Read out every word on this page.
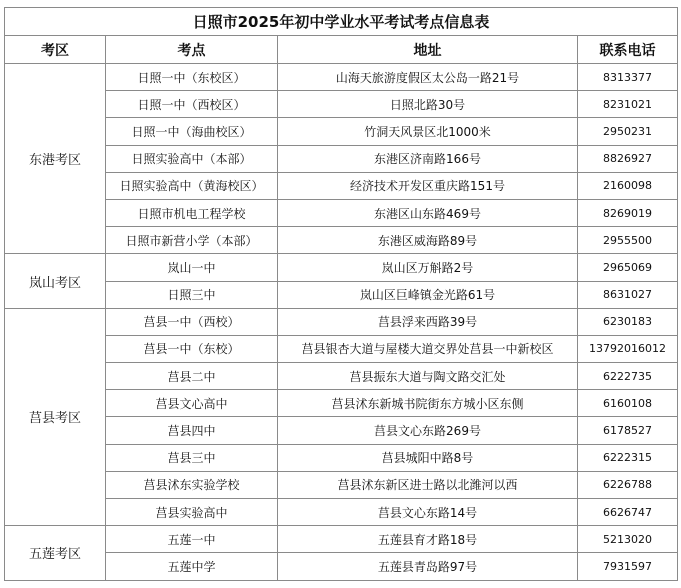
日照市2025年初中学业水平考试考点信息表			
考区	考点	地址	联系电话
东港考区	日照一中（东校区）	山海天旅游度假区太公岛一路21号	8313377
	日照一中（西校区）	日照北路30号	8231021
	日照一中（海曲校区）	竹洞天风景区北1000米	2950231
	日照实验高中（本部）	东港区济南路166号	8826927
	日照实验高中（黄海校区）	经济技术开发区重庆路151号	2160098
	日照市机电工程学校	东港区山东路469号	8269019
	日照市新营小学（本部）	东港区威海路89号	2955500
岚山考区	岚山一中	岚山区万斛路2号	2965069
	日照三中	岚山区巨峰镇金光路61号	8631027
莒县考区	莒县一中（西校）	莒县浮来西路39号	6230183
	莒县一中（东校）	莒县银杏大道与屋楼大道交界处莒县一中新校区	13792016012
	莒县二中	莒县振东大道与陶文路交汇处	6222735
	莒县文心高中	莒县沭东新城书院街东方城小区东侧	6160108
	莒县四中	莒县文心东路269号	6178527
	莒县三中	莒县城阳中路8号	6222315
	莒县沭东实验学校	莒县沭东新区进士路以北潍河以西	6226788
	莒县实验高中	莒县文心东路14号	6626747
五莲考区	五莲一中	五莲县育才路18号	5213020
	五莲中学	五莲县青岛路97号	7931597
